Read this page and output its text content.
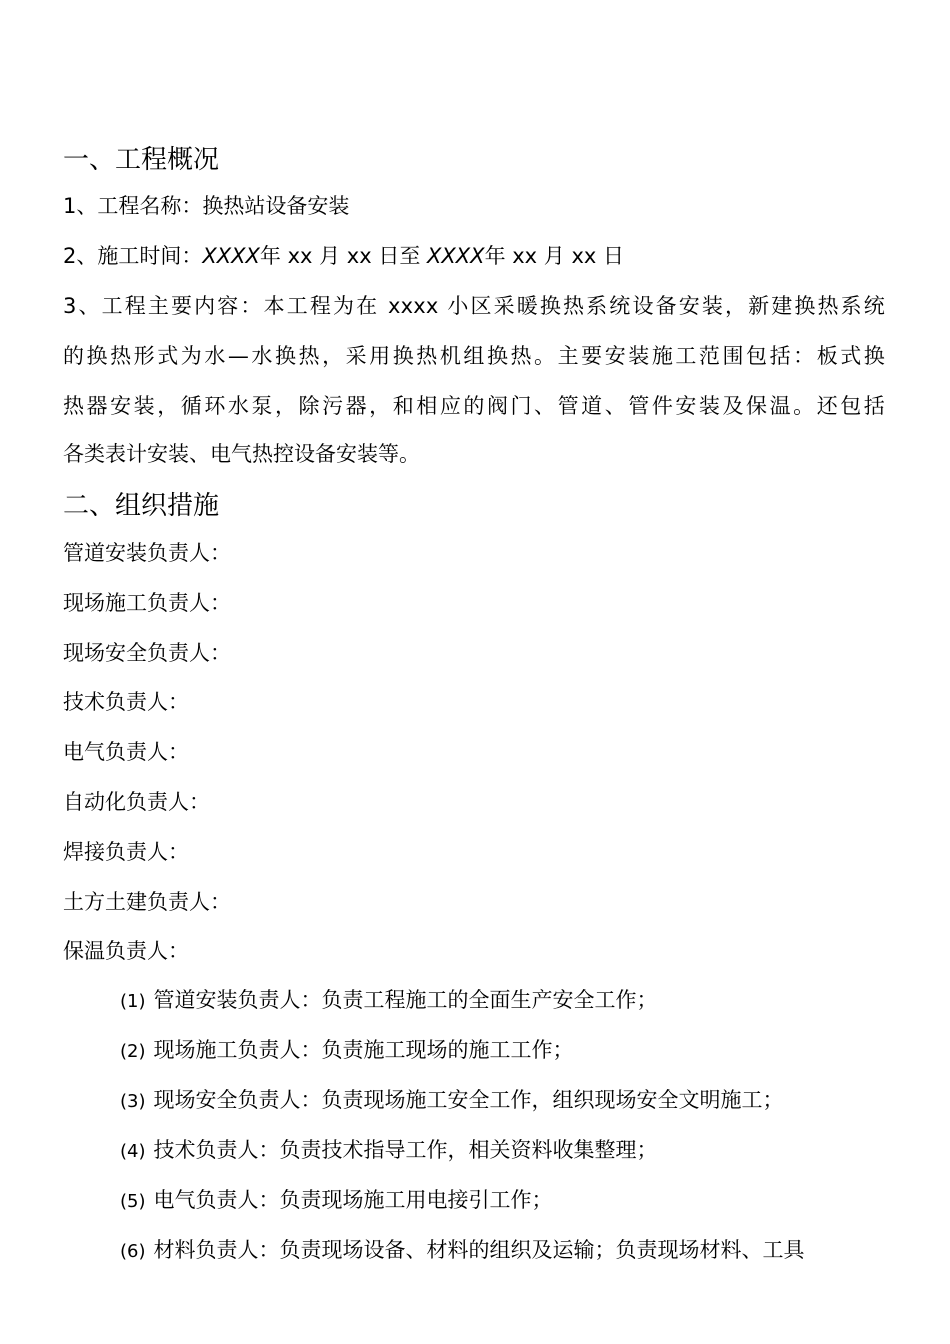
一、工程概况
1、工程名称：换热站设备安装
2、施工时间：XXXX年 xx 月 xx 日至 XXXX年 xx 月 xx 日
3、工程主要内容：本工程为在 xxxx 小区采暖换热系统设备安装，新建换热系统
的换热形式为水—水换热，采用换热机组换热。主要安装施工范围包括：板式换
热器安装，循环水泵，除污器，和相应的阀门、管道、管件安装及保温。还包括
各类表计安装、电气热控设备安装等。
二、组织措施
管道安装负责人：
现场施工负责人：
现场安全负责人：
技术负责人：
电气负责人：
自动化负责人：
焊接负责人：
土方土建负责人：
保温负责人：
(1) 管道安装负责人：负责工程施工的全面生产安全工作；
(2) 现场施工负责人：负责施工现场的施工工作；
(3) 现场安全负责人：负责现场施工安全工作，组织现场安全文明施工；
(4) 技术负责人：负责技术指导工作，相关资料收集整理；
(5) 电气负责人：负责现场施工用电接引工作；
(6) 材料负责人：负责现场设备、材料的组织及运输；负责现场材料、工具
